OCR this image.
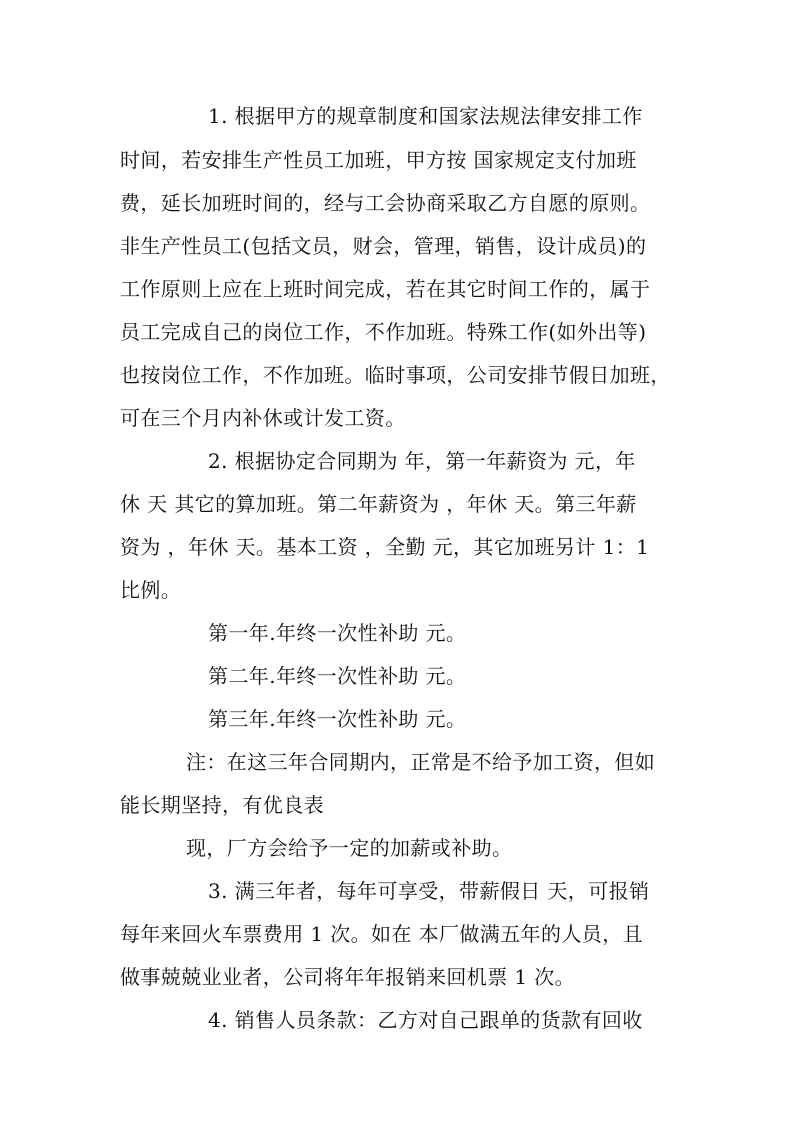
1. 根据甲方的规章制度和国家法规法律安排工作
时间，若安排生产性员工加班，甲方按 国家规定支付加班
费，延长加班时间的，经与工会协商采取乙方自愿的原则。
非生产性员工(包括文员，财会，管理，销售，设计成员)的
工作原则上应在上班时间完成，若在其它时间工作的，属于
员工完成自己的岗位工作，不作加班。特殊工作(如外出等)
也按岗位工作，不作加班。临时事项，公司安排节假日加班，
可在三个月内补休或计发工资。
2. 根据协定合同期为 年，第一年薪资为 元，年
休 天 其它的算加班。第二年薪资为 ，年休 天。第三年薪
资为 ，年休 天。基本工资 ，全勤 元，其它加班另计 1：1
比例。
第一年.年终一次性补助 元。
第二年.年终一次性补助 元。
第三年.年终一次性补助 元。
注：在这三年合同期内，正常是不给予加工资，但如
能长期坚持，有优良表
现，厂方会给予一定的加薪或补助。
3. 满三年者，每年可享受，带薪假日 天，可报销
每年来回火车票费用 1 次。如在 本厂做满五年的人员，且
做事兢兢业业者，公司将年年报销来回机票 1 次。
4. 销售人员条款：乙方对自己跟单的货款有回收
